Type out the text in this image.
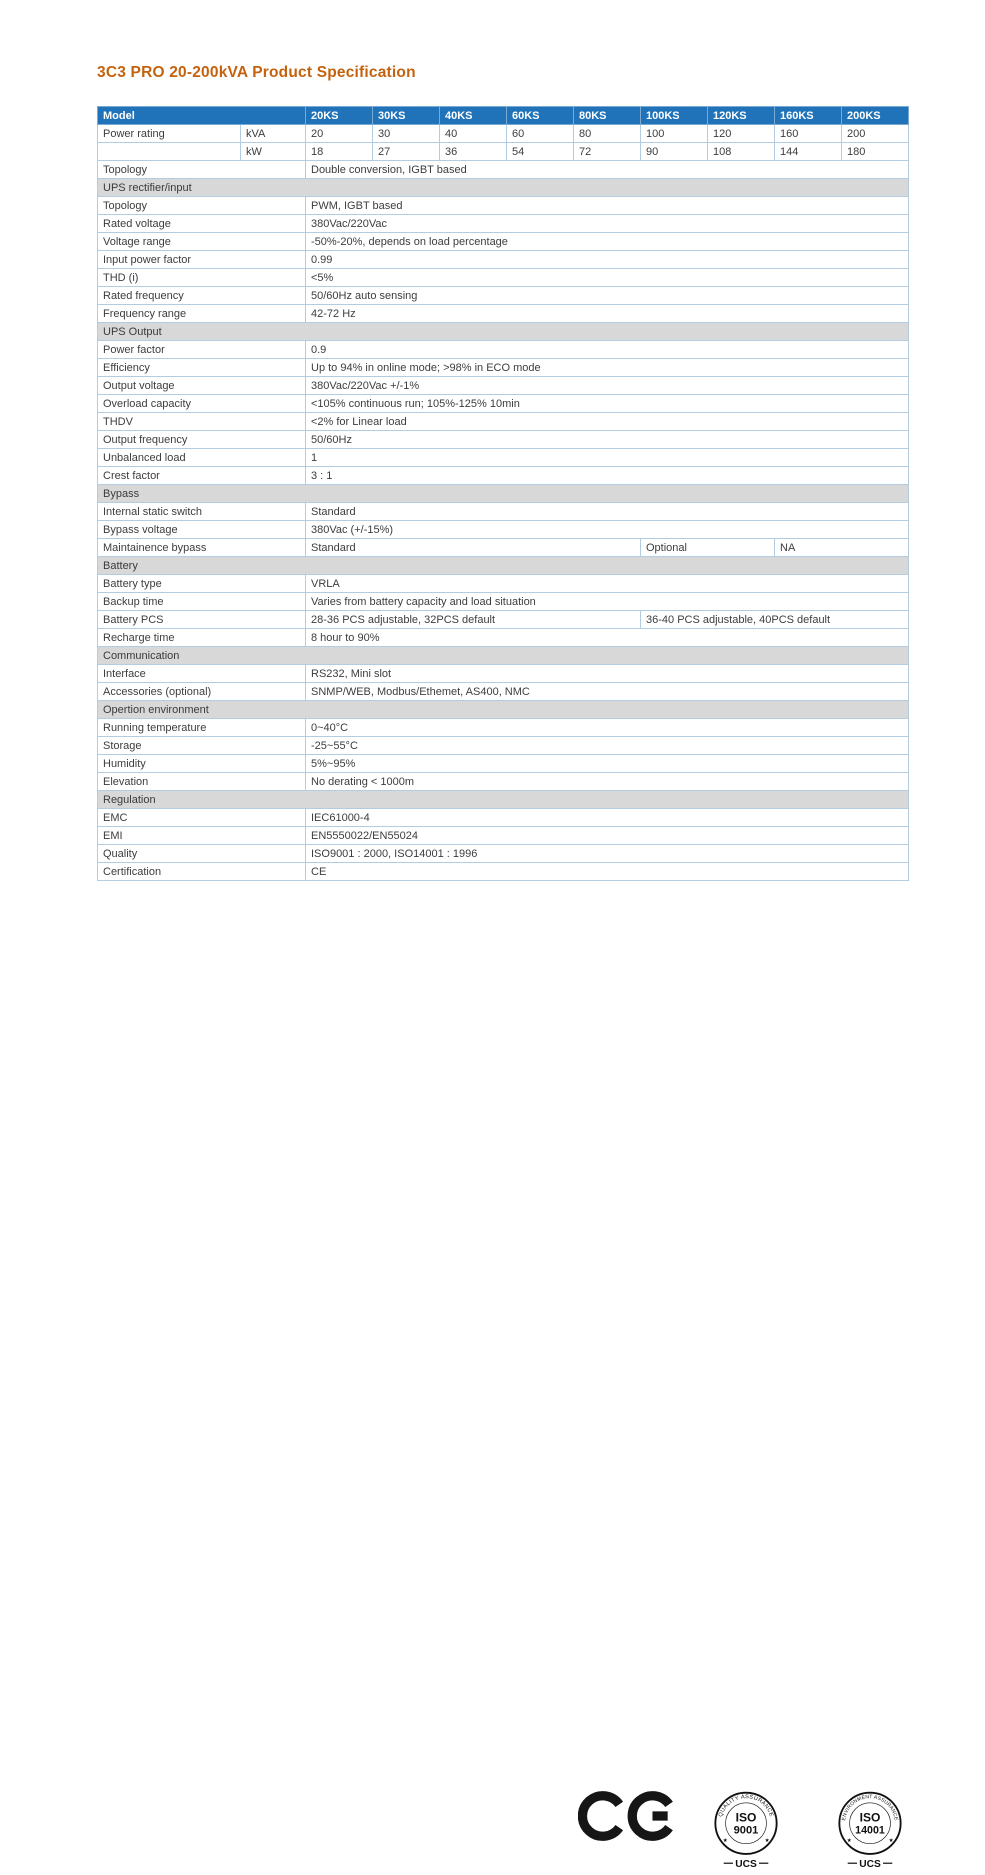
3C3 PRO 20-200kVA Product Specification
Model		20KS	30KS	40KS	60KS	80KS	100KS	120KS	160KS	200KS
Power rating	kVA	20	30	40	60	80	100	120	160	200
	kW	18	27	36	54	72	90	108	144	180
Topology		Double conversion, IGBT based								
UPS rectifier/input										
Topology		PWM, IGBT based								
Rated voltage		380Vac/220Vac								
Voltage range		-50%-20%, depends on load percentage								
Input power factor		0.99								
THD (i)		<5%								
Rated frequency		50/60Hz auto sensing								
Frequency range		42-72 Hz								
UPS Output										
Power factor		0.9								
Efficiency		Up to 94% in online mode; >98% in ECO mode								
Output voltage		380Vac/220Vac +/-1%								
Overload capacity		<105% continuous run; 105%-125% 10min								
THDV		<2% for Linear load								
Output frequency		50/60Hz								
Unbalanced load		1								
Crest factor		3 : 1								
Bypass										
Internal static switch		Standard								
Bypass voltage		380Vac (+/-15%)								
Maintainence bypass		Standard					Optional		NA	
Battery										
Battery type		VRLA								
Backup time		Varies from battery capacity and load situation								
Battery PCS		28-36 PCS adjustable, 32PCS default					36-40 PCS adjustable, 40PCS default			
Recharge time		8 hour to 90%								
Communication										
Interface		RS232, Mini slot								
Accessories (optional)		SNMP/WEB, Modbus/Ethemet, AS400, NMC								
Opertion environment										
Running temperature		0~40°C								
Storage		-25~55°C								
Humidity		5%~95%								
Elevation		No derating < 1000m								
Regulation										
EMC		IEC61000-4								
EMI		EN5550022/EN55024								
Quality		ISO9001 : 2000, ISO14001 : 1996								
Certification		CE								
QUALITY ASSURANCE
ISO
9001
★	★
UCS
ENVIRONMENT ASSURANCE
ISO
14001
★	★
UCS
